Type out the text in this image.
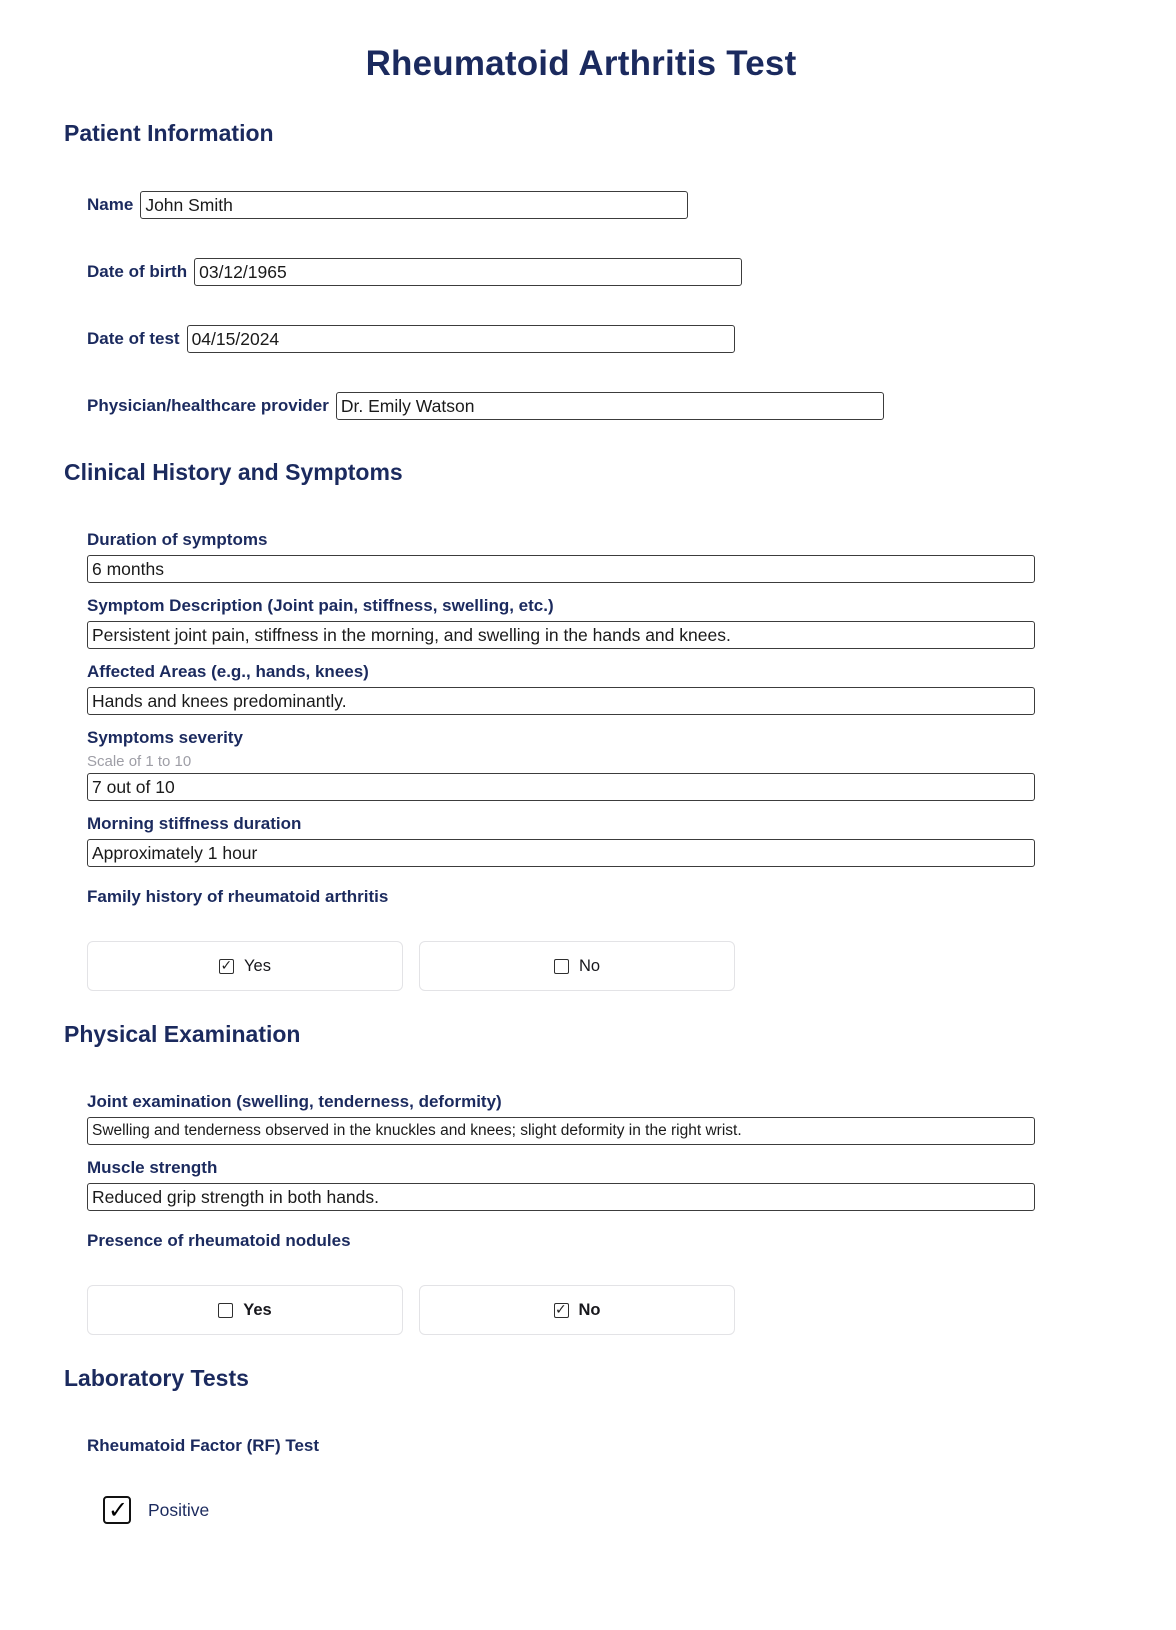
Rheumatoid Arthritis Test
Patient Information
Name
John Smith
Date of birth
03/12/1965
Date of test
04/15/2024
Physician/healthcare provider
Dr. Emily Watson
Clinical History and Symptoms
Duration of symptoms
6 months
Symptom Description (Joint pain, stiffness, swelling, etc.)
Persistent joint pain, stiffness in the morning, and swelling in the hands and knees.
Affected Areas (e.g., hands, knees)
Hands and knees predominantly.
Symptoms severity
Scale of 1 to 10
7 out of 10
Morning stiffness duration
Approximately 1 hour
Family history of rheumatoid arthritis
✓
Yes	No
Physical Examination
Joint examination (swelling, tenderness, deformity)
Swelling and tenderness observed in the knuckles and knees; slight deformity in the right wrist.
Muscle strength
Reduced grip strength in both hands.
Presence of rheumatoid nodules
Yes ✓	No
Laboratory Tests
Rheumatoid Factor (RF) Test
✓
Positive
